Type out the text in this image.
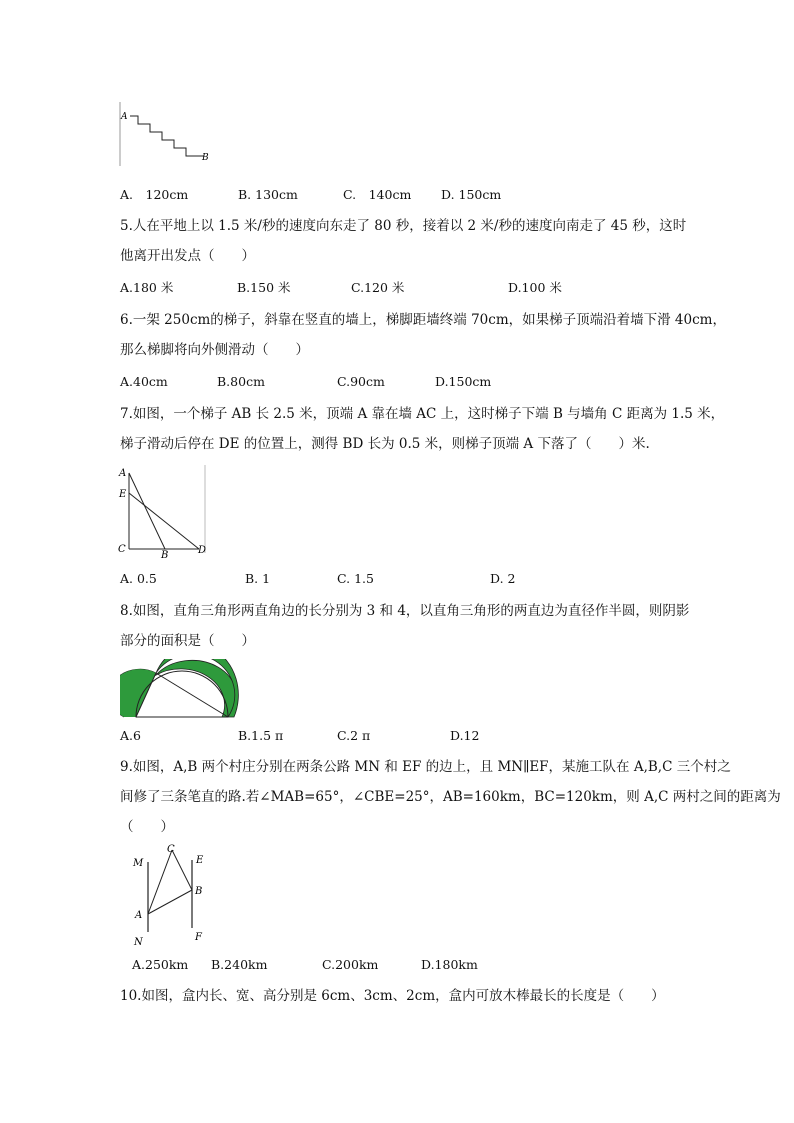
A
B
A.　120cm	B. 130cm	C.　140cm D. 150cm
5.人在平地上以 1.5 米/秒的速度向东走了 80 秒，接着以 2 米/秒的速度向南走了 45 秒，这时
他离开出发点（　　）
A.180 米	B.150 米	C.120 米	D.100 米
6.一架 250cm的梯子，斜靠在竖直的墙上，梯脚距墙终端 70cm，如果梯子顶端沿着墙下滑 40cm，
那么梯脚将向外侧滑动（　　）
A.40cm	B.80cm	C.90cm	D.150cm
7.如图，一个梯子 AB 长 2.5 米，顶端 A 靠在墙 AC 上，这时梯子下端 B 与墙角 C 距离为 1.5 米，
梯子滑动后停在 DE 的位置上，测得 BD 长为 0.5 米，则梯子顶端 A 下落了（　　）米.
A
E
C
B	D
A. 0.5	B. 1	C. 1.5	D. 2
8.如图，直角三角形两直角边的长分别为 3 和 4，以直角三角形的两直边为直径作半圆，则阴影
部分的面积是（　　）
A.6	B.1.5 π	C.2 π	D.12
9.如图，A,B 两个村庄分别在两条公路 MN 和 EF 的边上，且 MN∥EF，某施工队在 A,B,C 三个村之
间修了三条笔直的路.若∠MAB=65°，∠CBE=25°，AB=160km，BC=120km，则 A,C 两村之间的距离为
（　　）
M
C
E
B
A
N	F
A.250km B.240km	C.200km	D.180km
10.如图，盒内长、宽、高分别是 6cm、3cm、2cm，盒内可放木棒最长的长度是（　　）
